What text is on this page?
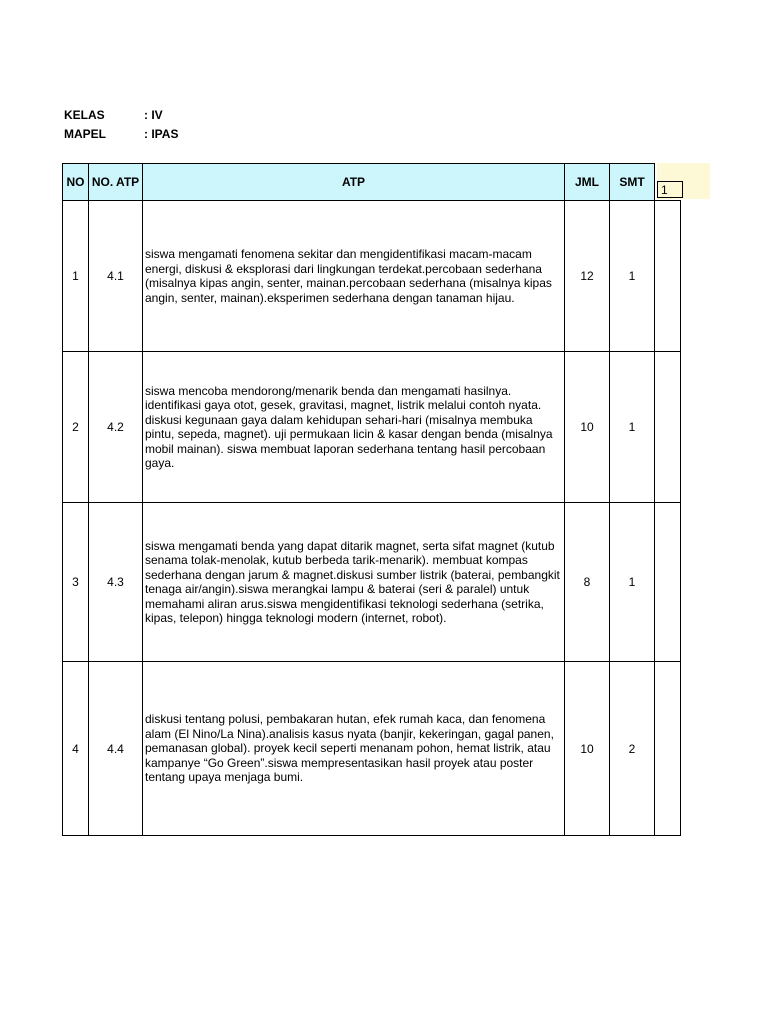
KELAS	: IV
MAPEL	: IPAS
NO	NO. ATP	ATP	JML	SMT	
1	4.1	siswa mengamati fenomena sekitar dan mengidentifikasi macam-macam energi, diskusi & eksplorasi dari lingkungan terdekat.percobaan sederhana (misalnya kipas angin, senter, mainan.percobaan sederhana (misalnya kipas angin, senter, mainan).eksperimen sederhana dengan tanaman hijau.	12	1	
2	4.2	siswa mencoba mendorong/menarik benda dan mengamati hasilnya. identifikasi gaya otot, gesek, gravitasi, magnet, listrik melalui contoh nyata. diskusi kegunaan gaya dalam kehidupan sehari-hari (misalnya membuka pintu, sepeda, magnet). uji permukaan licin & kasar dengan benda (misalnya mobil mainan). siswa membuat laporan sederhana tentang hasil percobaan gaya.	10	1	
3	4.3	siswa mengamati benda yang dapat ditarik magnet, serta sifat magnet (kutub senama tolak-menolak, kutub berbeda tarik-menarik). membuat kompas sederhana dengan jarum & magnet.diskusi sumber listrik (baterai, pembangkit tenaga air/angin).siswa merangkai lampu & baterai (seri & paralel) untuk memahami aliran arus.siswa mengidentifikasi teknologi sederhana (setrika, kipas, telepon) hingga teknologi modern (internet, robot).	8	1	
4	4.4	diskusi tentang polusi, pembakaran hutan, efek rumah kaca, dan fenomena alam (El Nino/La Nina).analisis kasus nyata (banjir, kekeringan, gagal panen, pemanasan global). proyek kecil seperti menanam pohon, hemat listrik, atau kampanye “Go Green”.siswa mempresentasikan hasil proyek atau poster tentang upaya menjaga bumi.	10	2	
1
